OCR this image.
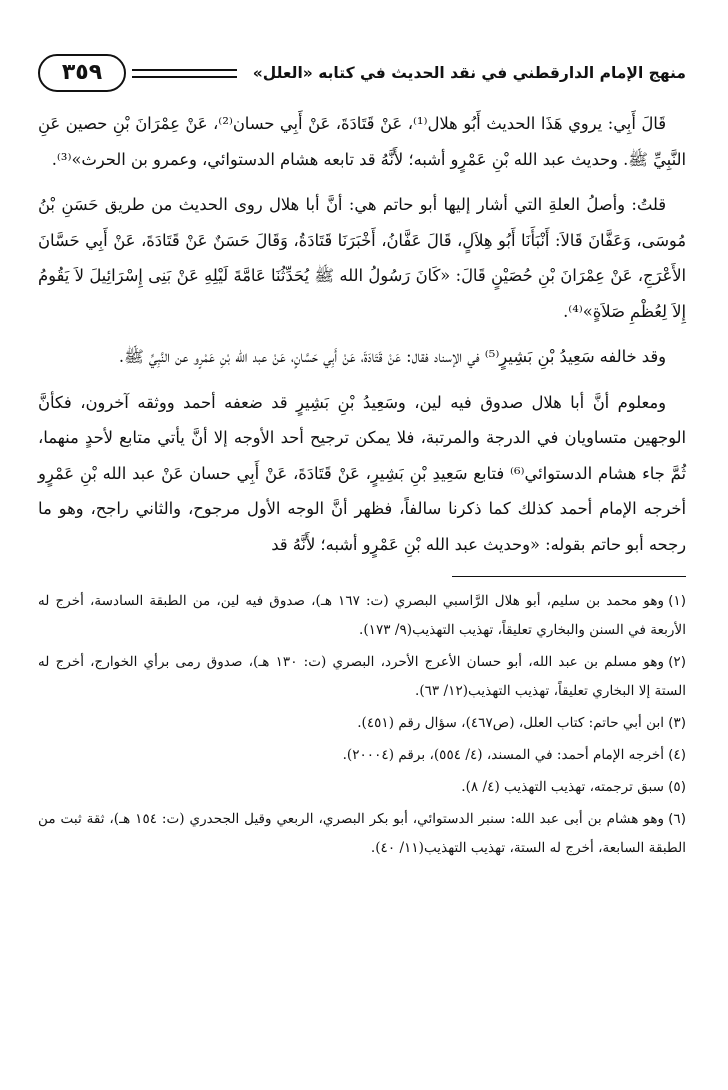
منهج الإمام الدارقطني في نقد الحديث في كتابه «العلل»
٣٥٩

قَالَ أَبِي: يروي هَذَا الحديث أَبُو هلال⁽¹⁾، عَنْ قَتَادَةَ، عَنْ أَبِي حسان⁽²⁾، عَنْ عِمْرَانَ بْنِ حصين عَنِ النَّبِيِّ ﷺ. وحديث عبد الله بْنِ عَمْرٍو أشبه؛ لأَنَّهُ قد تابعه هشام الدستوائي، وعمرو بن الحرث»⁽³⁾.

قلتُ: وأصلُ العلةِ التي أشار إليها أبو حاتم هي: أنَّ أبا هلال روى الحديث من طريق حَسَنِ بْنُ مُوسَى، وَعَفَّانَ قَالاَ: أَنْبَأَنَا أَبُو هِلاَلٍ، قَالَ عَفَّانُ، أَخْبَرَنَا قَتَادَةُ، وَقَالَ حَسَنٌ عَنْ قَتَادَةَ، عَنْ أَبِي حَسَّانَ الأَعْرَجِ، عَنْ عِمْرَانَ بْنِ حُصَيْنٍ قَالَ: «كَانَ رَسُولُ الله ﷺ يُحَدِّثُنَا عَامَّةَ لَيْلِهِ عَنْ بَنِى إِسْرَائِيلَ لاَ يَقُومُ إِلاَ لِعُظْمِ صَلاَةٍ»⁽⁴⁾.

وقد خالفه سَعِيدُ بْنِ بَشِيرٍ⁽⁵⁾ في الإسناد فقال: عَنْ قَتَادَةَ، عَنْ أَبِي حَسَّانٍ، عَنْ عبد الله بْنِ عَمْرٍو عن النَّبِيِّ ﷺ.

ومعلوم أنَّ أبا هلال صدوق فيه لين، وسَعِيدُ بْنِ بَشِيرٍ قد ضعفه أحمد ووثقه آخرون، فكأنَّ الوجهين متساويان في الدرجة والمرتبة، فلا يمكن ترجيح أحد الأوجه إلا أنَّ يأتي متابع لأحدٍ منهما، ثُمَّ جاء هشام الدستوائي⁽⁶⁾ فتابع سَعِيدِ بْنِ بَشِيرٍ، عَنْ قَتَادَةَ، عَنْ أَبِي حسان عَنْ عبد الله بْنِ عَمْرٍو أخرجه الإمام أحمد كذلك كما ذكرنا سالفاً، فظهر أنَّ الوجه الأول مرجوح، والثاني راجح، وهو ما رجحه أبو حاتم بقوله: «وحديث عبد الله بْنِ عَمْرٍو أشبه؛ لأَنَّهُ قد

(١)وهو محمد بن سليم، أبو هلال الرَّاسبي البصري (ت: ١٦٧ هـ)، صدوق فيه لين، من الطبقة السادسة، أخرج له الأربعة في السنن والبخاري تعليقاً، تهذيب التهذيب(٩/ ١٧٣).

(٢)وهو مسلم بن عبد الله، أبو حسان الأعرج الأحرد، البصري (ت: ١٣٠ هـ)، صدوق رمى برأي الخوارج، أخرج له الستة إلا البخاري تعليقاً، تهذيب التهذيب(١٢/ ٦٣).

(٣)ابن أبي حاتم: كتاب العلل، (ص٤٦٧)، سؤال رقم (٤٥١).

(٤)أخرجه الإمام أحمد: في المسند، (٤/ ٥٥٤)، برقم (٢٠٠٠٤).

(٥)سبق ترجمته، تهذيب التهذيب (٤/ ٨).

(٦)وهو هشام بن أبى عبد الله: سنبر الدستوائي، أبو بكر البصري، الربعي وقيل الجحدري (ت: ١٥٤ هـ)، ثقة ثبت من الطبقة السابعة، أخرج له الستة، تهذيب التهذيب(١١/ ٤٠).
